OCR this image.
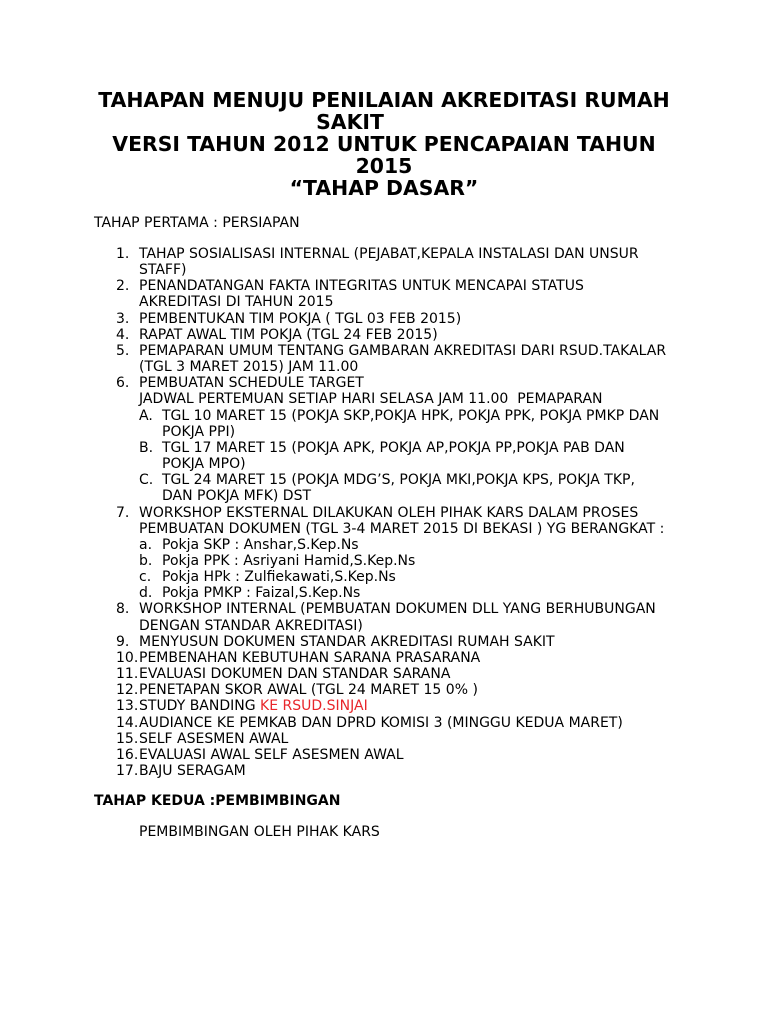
TAHAPAN MENUJU PENILAIAN AKREDITASI RUMAH
SAKIT
VERSI TAHUN 2012 UNTUK PENCAPAIAN TAHUN
2015
“TAHAP DASAR”
TAHAP PERTAMA : PERSIAPAN
1. TAHAP SOSIALISASI INTERNAL (PEJABAT,KEPALA INSTALASI DAN UNSUR
STAFF)
2. PENANDATANGAN FAKTA INTEGRITAS UNTUK MENCAPAI STATUS
AKREDITASI DI TAHUN 2015
3. PEMBENTUKAN TIM POKJA ( TGL 03 FEB 2015)
4. RAPAT AWAL TIM POKJA (TGL 24 FEB 2015)
5. PEMAPARAN UMUM TENTANG GAMBARAN AKREDITASI DARI RSUD.TAKALAR
(TGL 3 MARET 2015) JAM 11.00
6. PEMBUATAN SCHEDULE TARGET
JADWAL PERTEMUAN SETIAP HARI SELASA JAM 11.00  PEMAPARAN
A. TGL 10 MARET 15 (POKJA SKP,POKJA HPK, POKJA PPK, POKJA PMKP DAN
POKJA PPI)
B. TGL 17 MARET 15 (POKJA APK, POKJA AP,POKJA PP,POKJA PAB DAN
POKJA MPO)
C. TGL 24 MARET 15 (POKJA MDG’S, POKJA MKI,POKJA KPS, POKJA TKP,
DAN POKJA MFK) DST
7. WORKSHOP EKSTERNAL DILAKUKAN OLEH PIHAK KARS DALAM PROSES
PEMBUATAN DOKUMEN (TGL 3-4 MARET 2015 DI BEKASI ) YG BERANGKAT :
a. Pokja SKP : Anshar,S.Kep.Ns
b. Pokja PPK : Asriyani Hamid,S.Kep.Ns
c. Pokja HPk : Zulfiekawati,S.Kep.Ns
d. Pokja PMKP : Faizal,S.Kep.Ns
8. WORKSHOP INTERNAL (PEMBUATAN DOKUMEN DLL YANG BERHUBUNGAN
DENGAN STANDAR AKREDITASI)
9. MENYUSUN DOKUMEN STANDAR AKREDITASI RUMAH SAKIT
10.PEMBENAHAN KEBUTUHAN SARANA PRASARANA
11.EVALUASI DOKUMEN DAN STANDAR SARANA
12.PENETAPAN SKOR AWAL (TGL 24 MARET 15 0% )
13.STUDY BANDING KE RSUD.SINJAI
14.AUDIANCE KE PEMKAB DAN DPRD KOMISI 3 (MINGGU KEDUA MARET)
15.SELF ASESMEN AWAL
16.EVALUASI AWAL SELF ASESMEN AWAL
17.BAJU SERAGAM
TAHAP KEDUA :PEMBIMBINGAN
PEMBIMBINGAN OLEH PIHAK KARS
